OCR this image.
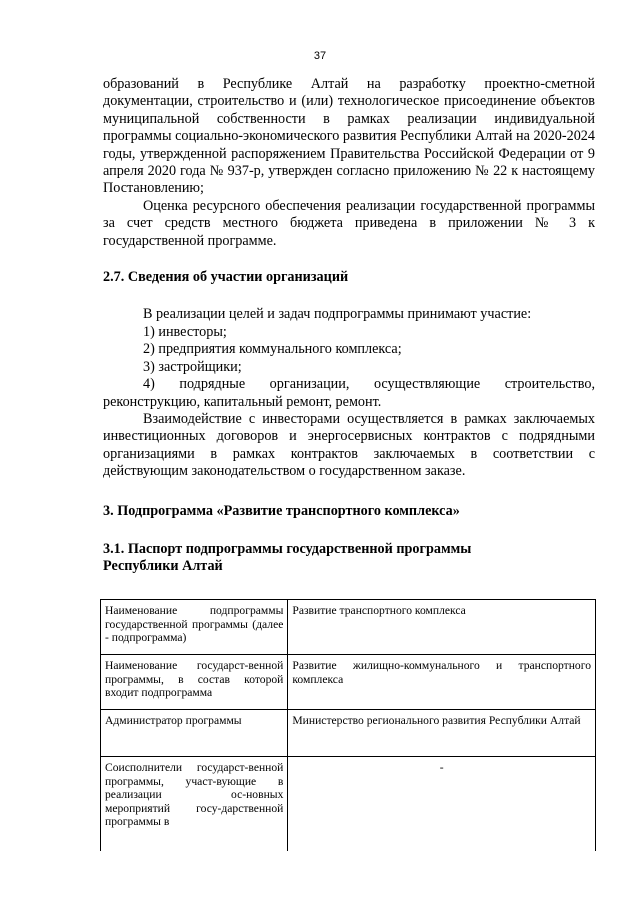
37

образований в Республике Алтай на разработку проектно-сметной документации, строительство и (или) технологическое присоединение объектов муниципальной собственности в рамках реализации индивидуальной программы социально-экономического развития Республики Алтай на 2020-2024 годы, утвержденной распоряжением Правительства Российской Федерации от 9 апреля 2020 года № 937-р, утвержден согласно приложению № 22 к настоящему Постановлению;

Оценка ресурсного обеспечения реализации государственной программы за счет средств местного бюджета приведена в приложении № 3 к государственной программе.

2.7. Сведения об участии организаций

В реализации целей и задач подпрограммы принимают участие:

1) инвесторы;

2) предприятия коммунального комплекса;

3) застройщики;

4) подрядные организации, осуществляющие строительство, реконструкцию, капитальный ремонт, ремонт.

Взаимодействие с инвесторами осуществляется в рамках заключаемых инвестиционных договоров и энергосервисных контрактов с подрядными организациями в рамках контрактов заключаемых в соответствии с действующим законодательством о государственном заказе.

3. Подпрограмма «Развитие транспортного комплекса»

3.1. Паспорт подпрограммы государственной программы
Республики Алтай

Наименование подпрограммы государственной программы (далее - подпрограмма)	Развитие транспортного комплекса
Наименование государст-венной программы, в состав которой входит подпрограмма	Развитие жилищно-коммунального и транспортного комплекса
Администратор программы	Министерство регионального развития Республики Алтай
Соисполнители государст-венной программы, участ-вующие в реализации ос-новных мероприятий госу-дарственной программы в	-
